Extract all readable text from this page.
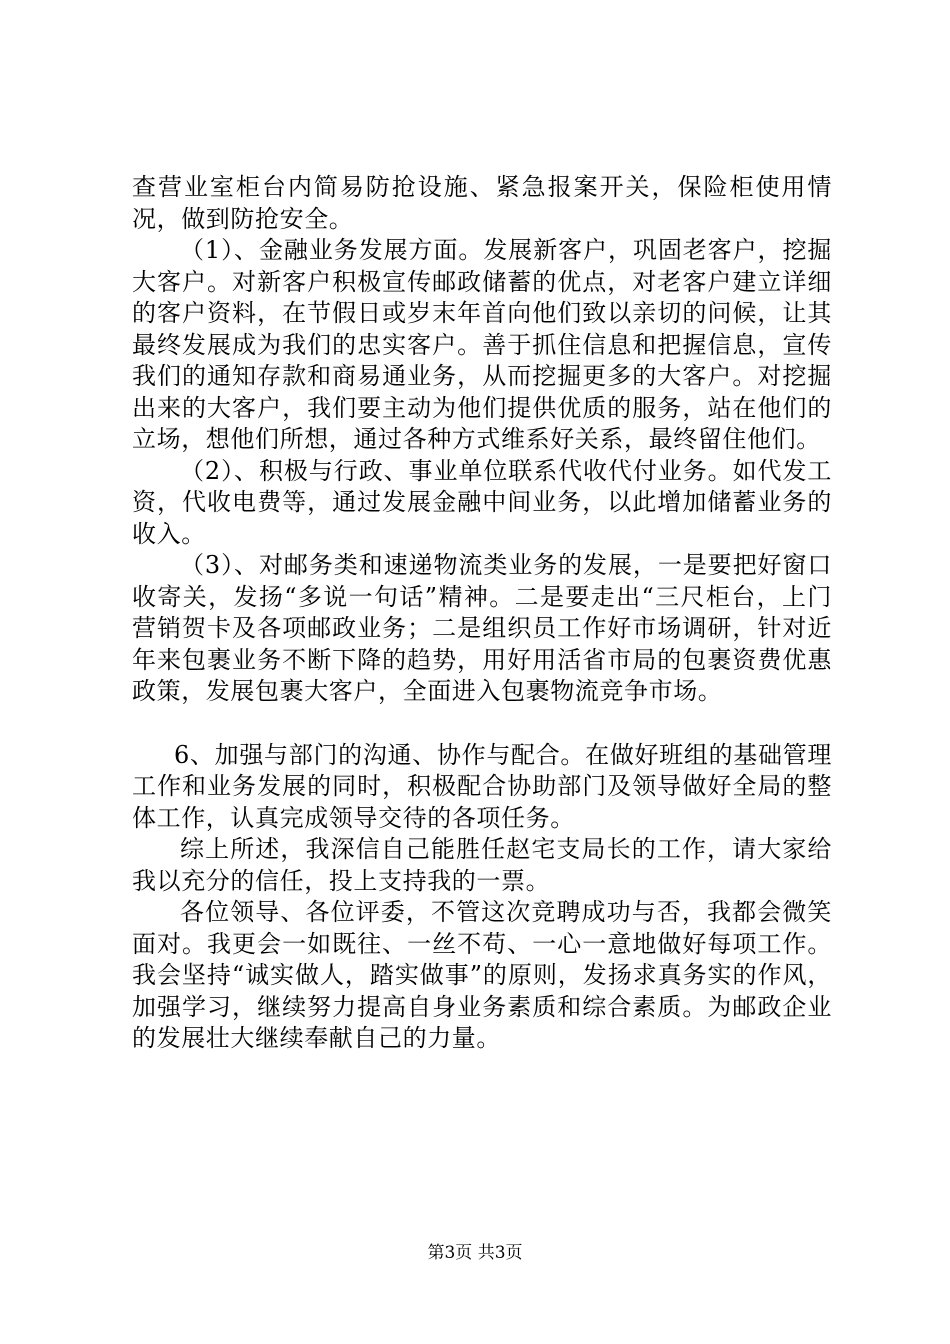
查营业室柜台内简易防抢设施、紧急报案开关，保险柜使用情况，做到防抢安全。

（1）、金融业务发展方面。发展新客户，巩固老客户，挖掘大客户。对新客户积极宣传邮政储蓄的优点，对老客户建立详细的客户资料，在节假日或岁末年首向他们致以亲切的问候，让其最终发展成为我们的忠实客户。善于抓住信息和把握信息，宣传我们的通知存款和商易通业务，从而挖掘更多的大客户。对挖掘出来的大客户，我们要主动为他们提供优质的服务，站在他们的立场，想他们所想，通过各种方式维系好关系，最终留住他们。

（2）、积极与行政、事业单位联系代收代付业务。如代发工资，代收电费等，通过发展金融中间业务，以此增加储蓄业务的收入。

（3）、对邮务类和速递物流类业务的发展，一是要把好窗口收寄关，发扬“多说一句话”精神。二是要走出“三尺柜台，上门营销贺卡及各项邮政业务；二是组织员工作好市场调研，针对近年来包裹业务不断下降的趋势，用好用活省市局的包裹资费优惠政策，发展包裹大客户，全面进入包裹物流竞争市场。

6、加强与部门的沟通、协作与配合。在做好班组的基础管理工作和业务发展的同时，积极配合协助部门及领导做好全局的整体工作，认真完成领导交待的各项任务。

综上所述，我深信自己能胜任赵宅支局长的工作，请大家给我以充分的信任，投上支持我的一票。

各位领导、各位评委，不管这次竞聘成功与否，我都会微笑面对。我更会一如既往、一丝不苟、一心一意地做好每项工作。我会坚持“诚实做人，踏实做事”的原则，发扬求真务实的作风，加强学习，继续努力提高自身业务素质和综合素质。为邮政企业的发展壮大继续奉献自己的力量。

第3页 共3页
